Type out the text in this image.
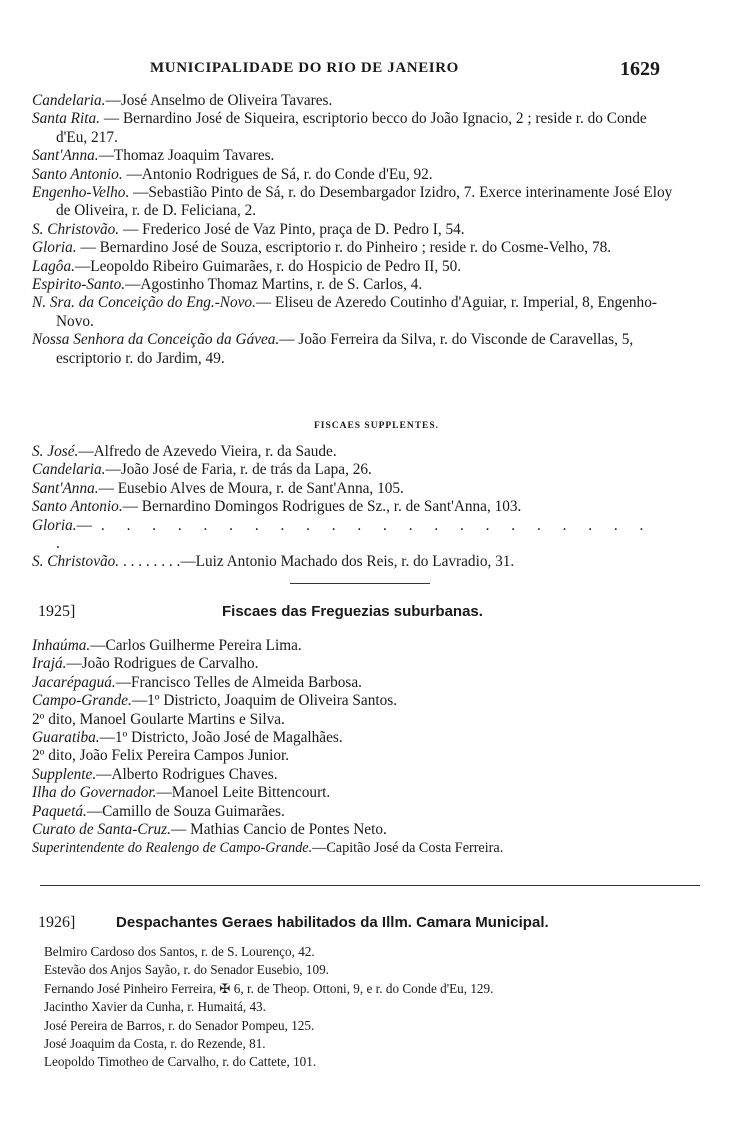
MUNICIPALIDADE DO RIO DE JANEIRO	1629
Candelaria.—José Anselmo de Oliveira Tavares.
Santa Rita. — Bernardino José de Siqueira, escriptorio becco do João Ignacio, 2 ; reside r. do Conde d'Eu, 217.
Sant'Anna.—Thomaz Joaquim Tavares.
Santo Antonio. —Antonio Rodrigues de Sá, r. do Conde d'Eu, 92.
Engenho-Velho. —Sebastião Pinto de Sá, r. do Desembargador Izidro, 7. Exerce interinamente José Eloy de Oliveira, r. de D. Feliciana, 2.
S. Christovão. — Frederico José de Vaz Pinto, praça de D. Pedro I, 54.
Gloria. — Bernardino José de Souza, escriptorio r. do Pinheiro ; reside r. do Cosme-Velho, 78.
Lagôa.—Leopoldo Ribeiro Guimarães, r. do Hospicio de Pedro II, 50.
Espirito-Santo.—Agostinho Thomaz Martins, r. de S. Carlos, 4.
N. Sra. da Conceição do Eng.-Novo.— Eliseu de Azeredo Coutinho d'Aguiar, r. Imperial, 8, Engenho-Novo.
Nossa Senhora da Conceição da Gávea.— João Ferreira da Silva, r. do Visconde de Caravellas, 5, escriptorio r. do Jardim, 49.
FISCAES SUPPLENTES.
S. José.—Alfredo de Azevedo Vieira, r. da Saude.
Candelaria.—João José de Faria, r. de trás da Lapa, 26.
Sant'Anna.— Eusebio Alves de Moura, r. de Sant'Anna, 105.
Santo Antonio.— Bernardino Domingos Rodrigues de Sz., r. de Sant'Anna, 103.
Gloria.—. . . . . . . . . . . . . . . . . . . . . . .
S. Christovão. . . . . . . . .—Luiz Antonio Machado dos Reis, r. do Lavradio, 31.
1925]	Fiscaes das Freguezias suburbanas.
Inhaúma.—Carlos Guilherme Pereira Lima.
Irajá.—João Rodrigues de Carvalho.
Jacarépaguá.—Francisco Telles de Almeida Barbosa.
Campo-Grande.—1º Districto, Joaquim de Oliveira Santos.
2º dito, Manoel Goularte Martins e Silva.
Guaratiba.—1º Districto, João José de Magalhães.
2º dito, João Felix Pereira Campos Junior.
Supplente.—Alberto Rodrigues Chaves.
Ilha do Governador.—Manoel Leite Bittencourt.
Paquetá.—Camillo de Souza Guimarães.
Curato de Santa-Cruz.— Mathias Cancio de Pontes Neto.
Superintendente do Realengo de Campo-Grande.—Capitão José da Costa Ferreira.
1926]	Despachantes Geraes habilitados da Illm. Camara Municipal.
Belmiro Cardoso dos Santos, r. de S. Lourenço, 42.
Estevão dos Anjos Sayão, r. do Senador Eusebio, 109.
Fernando José Pinheiro Ferreira, ✠ 6, r. de Theop. Ottoni, 9, e r. do Conde d'Eu, 129.
Jacintho Xavier da Cunha, r. Humaitá, 43.
José Pereira de Barros, r. do Senador Pompeu, 125.
José Joaquim da Costa, r. do Rezende, 81.
Leopoldo Timotheo de Carvalho, r. do Cattete, 101.
